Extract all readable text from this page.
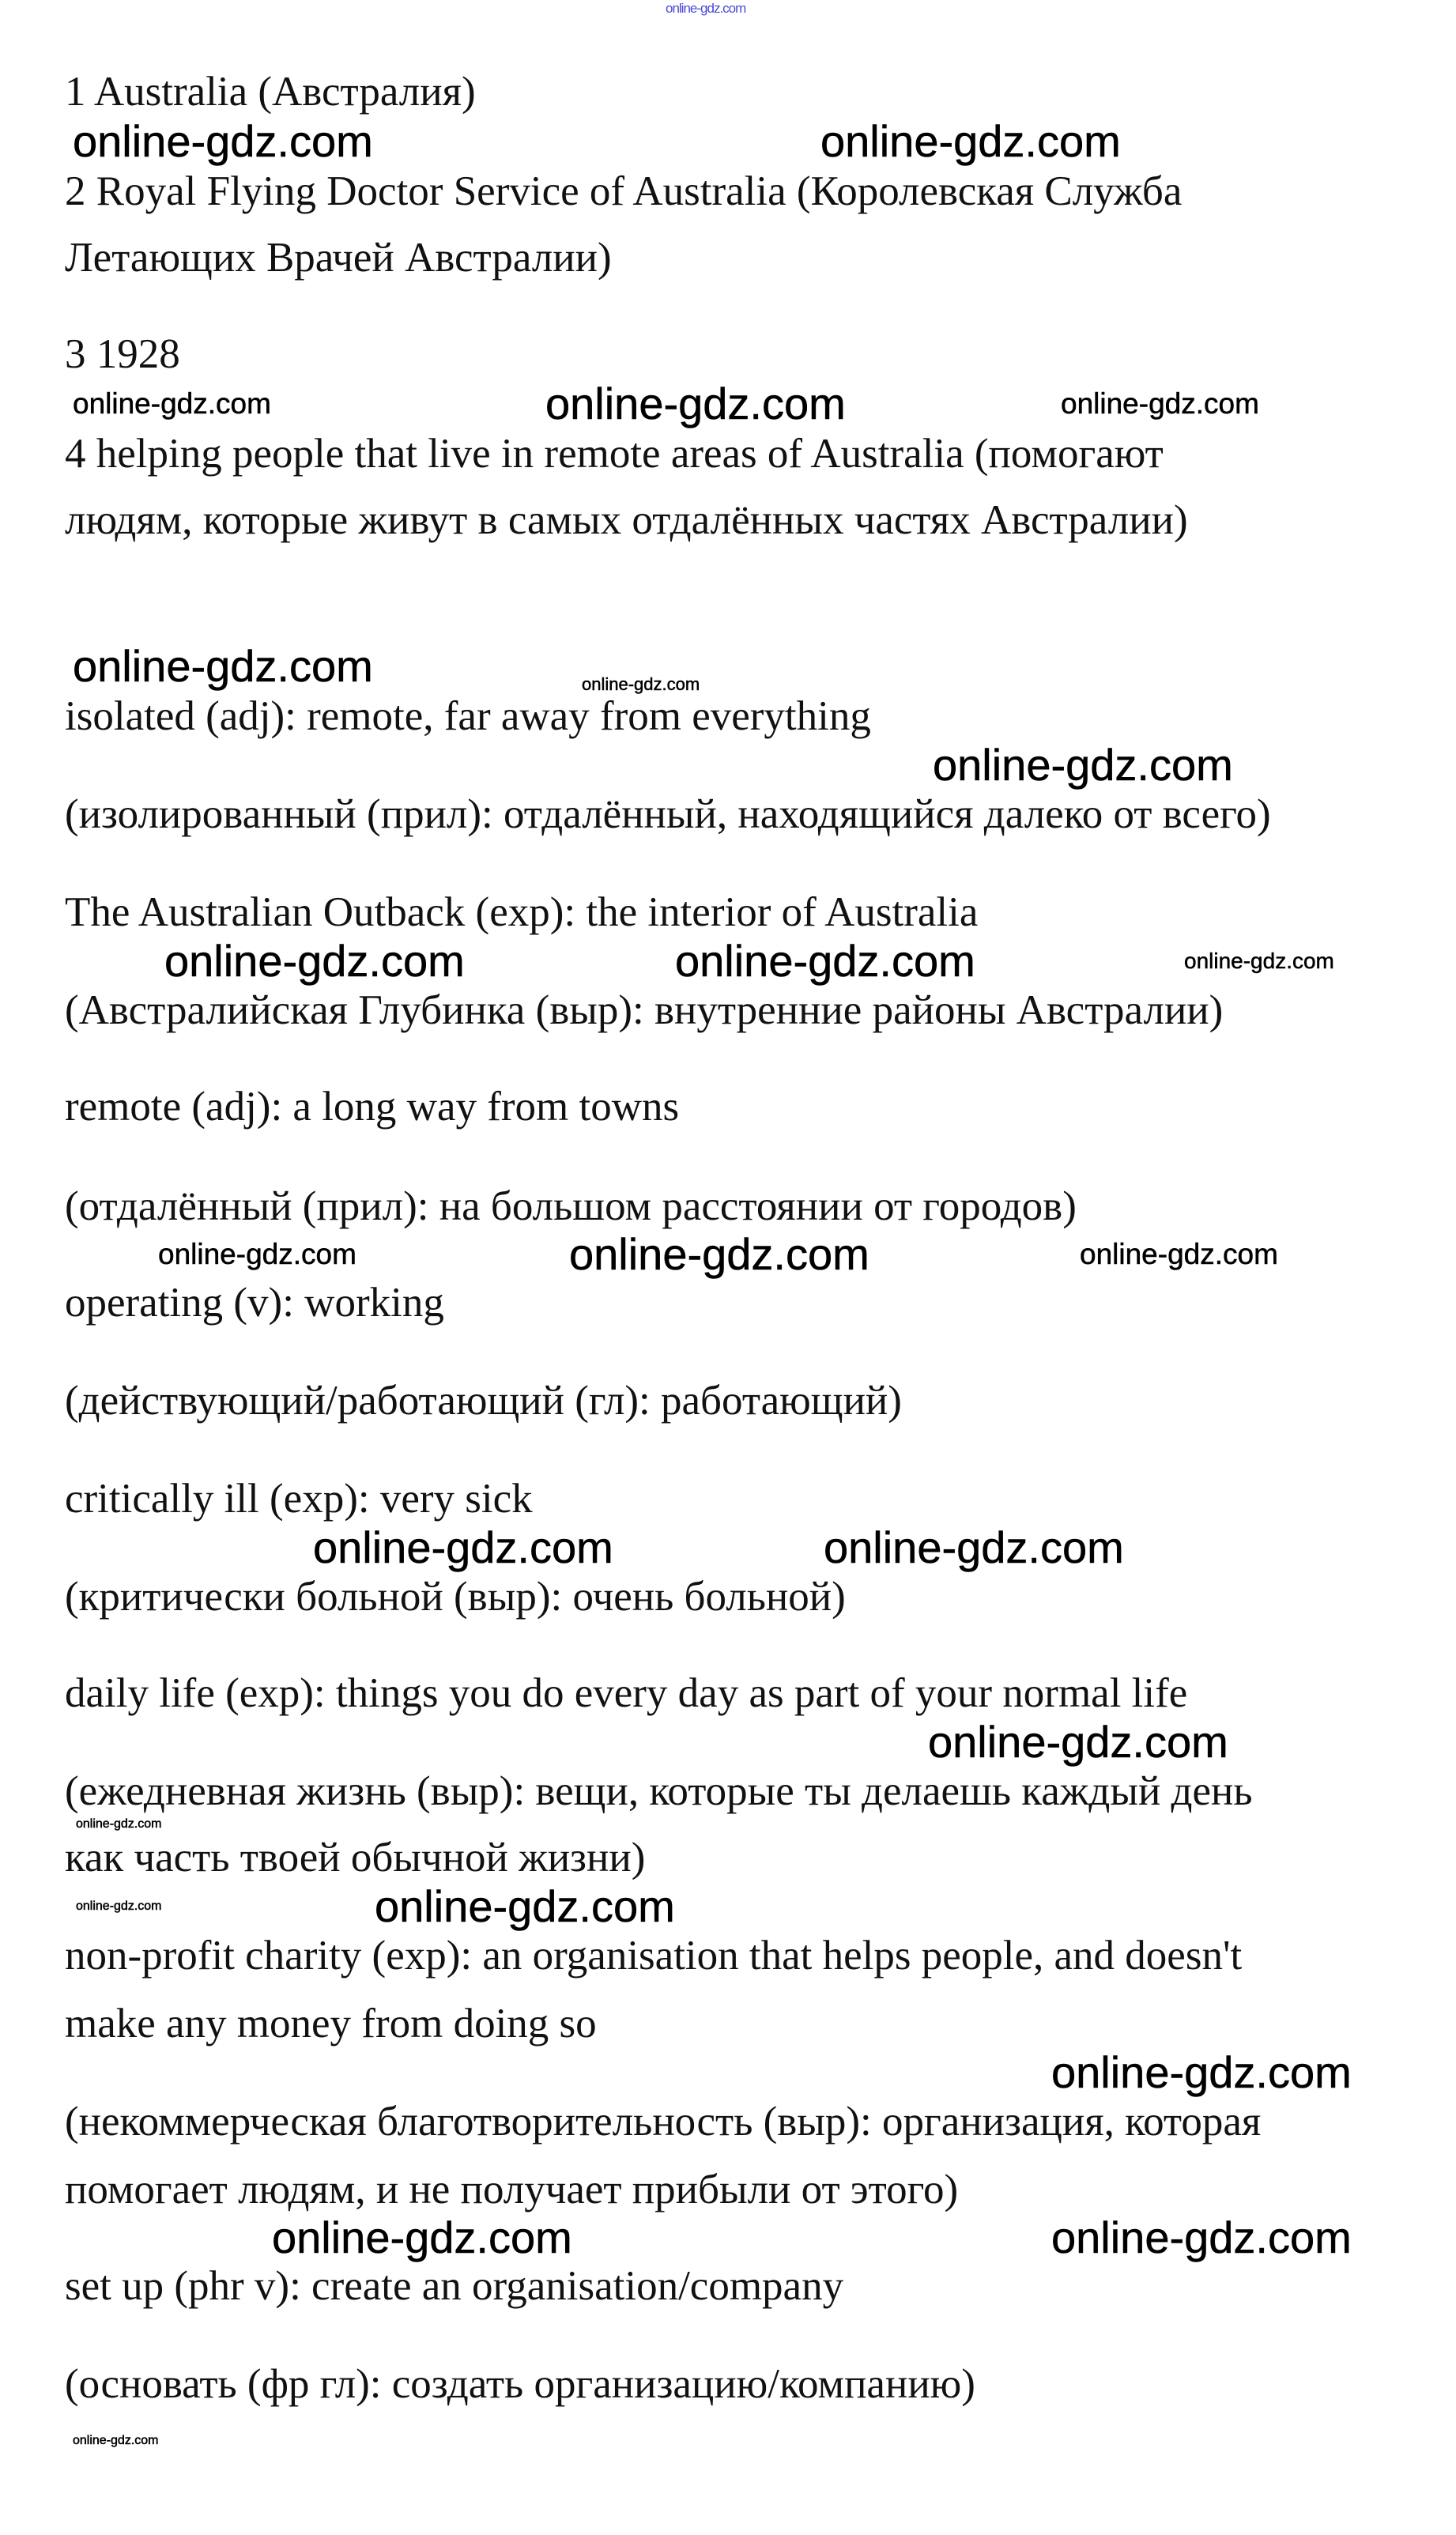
online-gdz.com
1 Australia (Австралия)
2 Royal Flying Doctor Service of Australia (Королевская Служба
Летающих Врачей Австралии)
3 1928
4 helping people that live in remote areas of Australia (помогают
людям, которые живут в самых отдалённых частях Австралии)
isolated (adj): remote, far away from everything
(изолированный (прил): отдалённый, находящийся далеко от всего)
The Australian Outback (exp): the interior of Australia
(Австралийская Глубинка (выр): внутренние районы Австралии)
remote (adj): a long way from towns
(отдалённый (прил): на большом расстоянии от городов)
operating (v): working
(действующий/работающий (гл): работающий)
critically ill (exp): very sick
(критически больной (выр): очень больной)
daily life (exp): things you do every day as part of your normal life
(ежедневная жизнь (выр): вещи, которые ты делаешь каждый день
как часть твоей обычной жизни)
non-profit charity (exp): an organisation that helps people, and doesn't
make any money from doing so
(некоммерческая благотворительность (выр): организация, которая
помогает людям, и не получает прибыли от этого)
set up (phr v): create an organisation/company
(основать (фр гл): создать организацию/компанию)
online-gdz.com	online-gdz.com
online-gdz.com	online-gdz.com	online-gdz.com
online-gdz.com	online-gdz.com
online-gdz.com
online-gdz.com	online-gdz.com	online-gdz.com
online-gdz.com	online-gdz.com
online-gdz.com
online-gdz.com
online-gdz.com
online-gdz.com
online-gdz.com
online-gdz.com
online-gdz.com
online-gdz.com
online-gdz.com	online-gdz.com
online-gdz.com
